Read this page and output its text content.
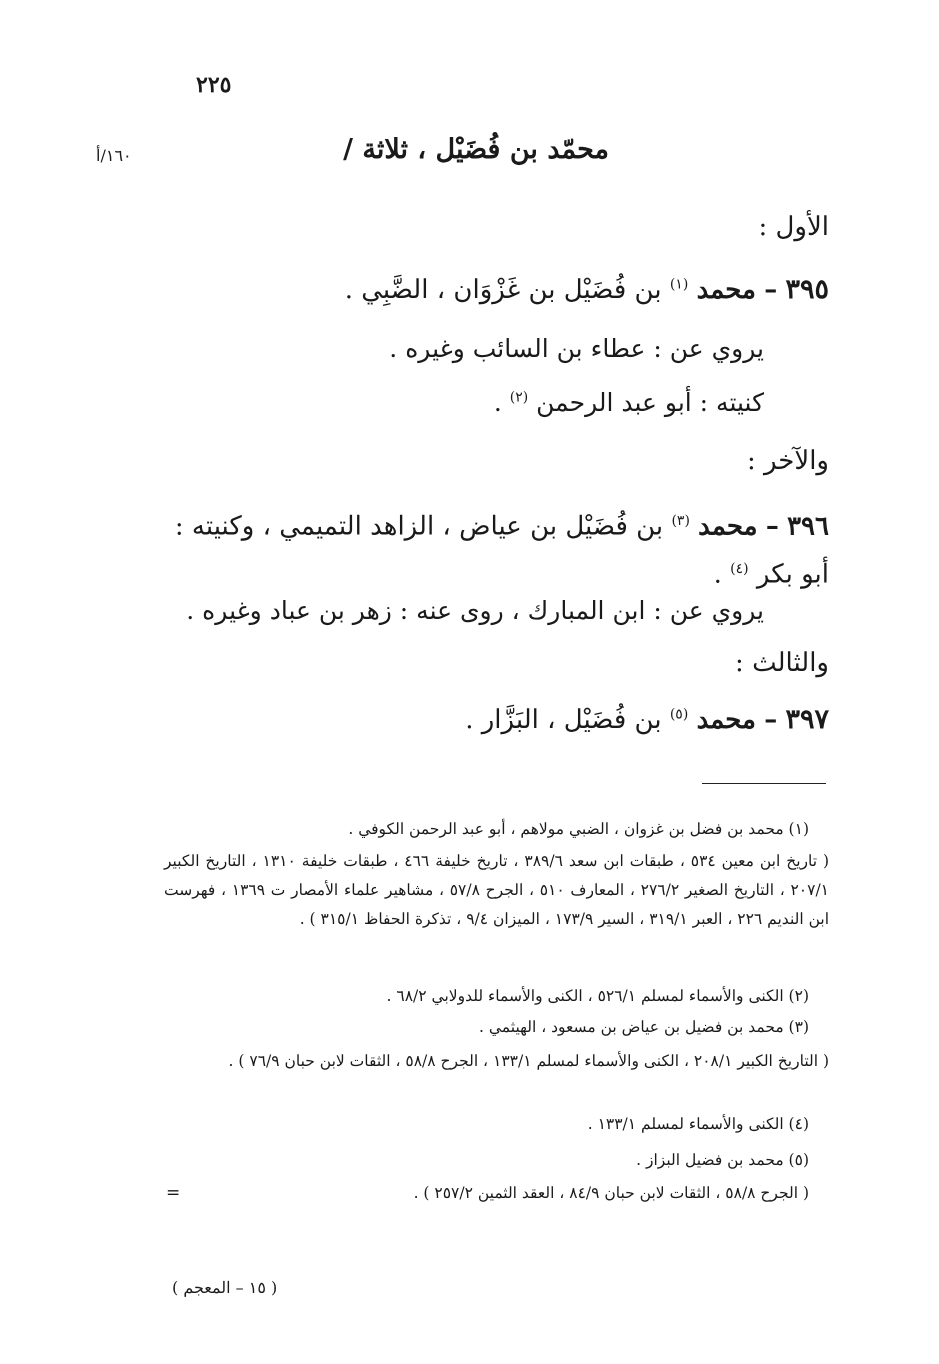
٢٢٥
محمّد بن فُضَيْل ، ثلاثة /
١٦٠/أ
الأول :
٣٩٥ – محمد $^{(١)}$ بن فُضَيْل بن غَزْوَان ، الضَّبِي .
يروي عن : عطاء بن السائب وغيره .
كنيته : أبو عبد الرحمن $^{(٢)}$ .
والآخر :
٣٩٦ – محمد $^{(٣)}$ بن فُضَيْل بن عياض ، الزاهد التميمي ، وكنيته :
أبو بكر $^{(٤)}$ .
يروي عن : ابن المبارك ، روى عنه : زهر بن عباد وغيره .
والثالث :
٣٩٧ – محمد $^{(٥)}$ بن فُضَيْل ، البَزَّار .
(١) محمد بن فضل بن غزوان ، الضبي مولاهم ، أبو عبد الرحمن الكوفي .
( تاريخ ابن معين ٥٣٤ ، طبقات ابن سعد ٣٨٩/٦ ، تاريخ خليفة ٤٦٦ ، طبقات خليفة ١٣١٠ ، التاريخ الكبير ٢٠٧/١ ، التاريخ الصغير ٢٧٦/٢ ، المعارف ٥١٠ ، الجرح ٥٧/٨ ، مشاهير علماء الأمصار ت ١٣٦٩ ، فهرست ابن النديم ٢٢٦ ، العبر ٣١٩/١ ، السير ١٧٣/٩ ، الميزان ٩/٤ ، تذكرة الحفاظ ٣١٥/١ ) .
(٢) الكنى والأسماء لمسلم ٥٢٦/١ ، الكنى والأسماء للدولابي ٦٨/٢ .
(٣) محمد بن فضيل بن عياض بن مسعود ، الهيثمي .
( التاريخ الكبير ٢٠٨/١ ، الكنى والأسماء لمسلم ١٣٣/١ ، الجرح ٥٨/٨ ، الثقات لابن حبان ٧٦/٩ ) .
(٤) الكنى والأسماء لمسلم ١٣٣/١ .
(٥) محمد بن فضيل البزاز .
( الجرح ٥٨/٨ ، الثقات لابن حبان ٨٤/٩ ، العقد الثمين ٢٥٧/٢ ) .
=
( ١٥ – المعجم )
